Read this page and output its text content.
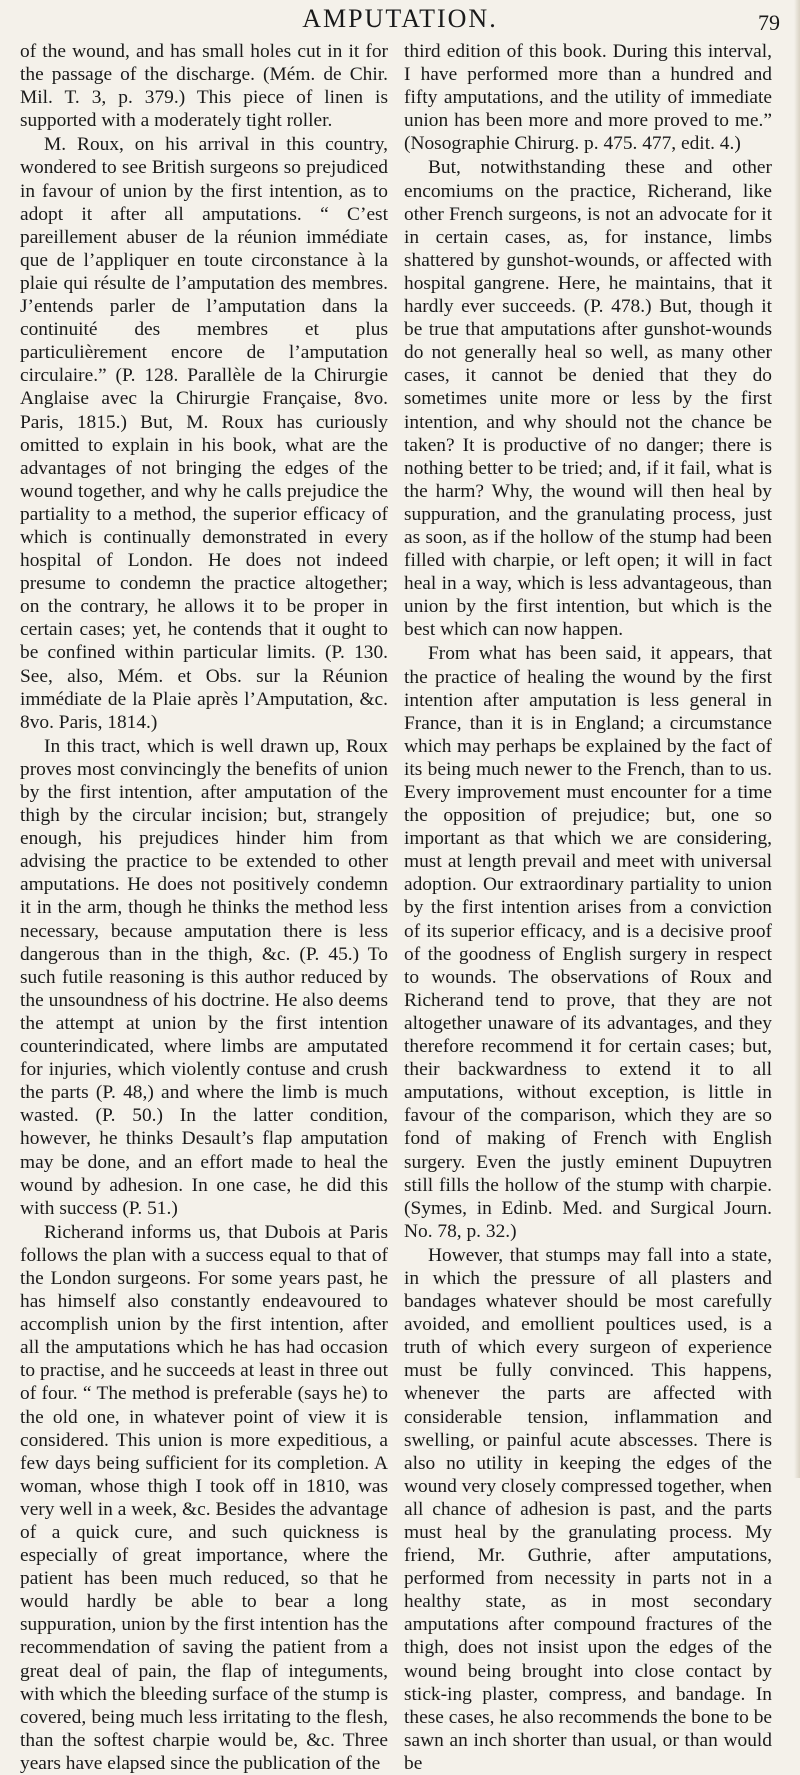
AMPUTATION.	79

of the wound, and has small holes cut in it for the passage of the discharge. (Mém. de Chir. Mil. T. 3, p. 379.) This piece of linen is supported with a moderately tight roller.

M. Roux, on his arrival in this country, wondered to see British surgeons so prejudiced in favour of union by the first intention, as to adopt it after all amputations. “ C’est pareillement abuser de la réunion immédiate que de l’appliquer en toute circonstance à la plaie qui résulte de l’amputation des membres. J’entends parler de l’amputation dans la continuité des membres et plus particulièrement encore de l’amputation circulaire.” (P. 128. Parallèle de la Chirurgie Anglaise avec la Chirurgie Française, 8vo. Paris, 1815.) But, M. Roux has curiously omitted to explain in his book, what are the advantages of not bringing the edges of the wound together, and why he calls prejudice the partiality to a method, the superior efficacy of which is continually demonstrated in every hospital of London. He does not indeed presume to condemn the practice altogether; on the contrary, he allows it to be proper in certain cases; yet, he contends that it ought to be confined within particular limits. (P. 130. See, also, Mém. et Obs. sur la Réunion immédiate de la Plaie après l’Amputation, &c. 8vo. Paris, 1814.)

In this tract, which is well drawn up, Roux proves most convincingly the benefits of union by the first intention, after amputation of the thigh by the circular incision; but, strangely enough, his prejudices hinder him from advising the practice to be extended to other amputations. He does not positively condemn it in the arm, though he thinks the method less necessary, because amputation there is less dangerous than in the thigh, &c. (P. 45.) To such futile reasoning is this author reduced by the unsoundness of his doctrine. He also deems the attempt at union by the first intention counterindicated, where limbs are amputated for injuries, which violently contuse and crush the parts (P. 48,) and where the limb is much wasted. (P. 50.) In the latter condition, however, he thinks Desault’s flap amputation may be done, and an effort made to heal the wound by adhesion. In one case, he did this with success (P. 51.)

Richerand informs us, that Dubois at Paris follows the plan with a success equal to that of the London surgeons. For some years past, he has himself also constantly endeavoured to accomplish union by the first intention, after all the amputations which he has had occasion to practise, and he succeeds at least in three out of four. “ The method is preferable (says he) to the old one, in whatever point of view it is considered. This union is more expeditious, a few days being sufficient for its completion. A woman, whose thigh I took off in 1810, was very well in a week, &c. Besides the advantage of a quick cure, and such quickness is especially of great importance, where the patient has been much reduced, so that he would hardly be able to bear a long suppuration, union by the first intention has the recommendation of saving the patient from a great deal of pain, the flap of integuments, with which the bleeding surface of the stump is covered, being much less irritating to the flesh, than the softest charpie would be, &c. Three years have elapsed since the publication of the

third edition of this book. During this interval, I have performed more than a hundred and fifty amputations, and the utility of immediate union has been more and more proved to me.” (Nosographie Chirurg. p. 475. 477, edit. 4.)

But, notwithstanding these and other encomiums on the practice, Richerand, like other French surgeons, is not an advocate for it in certain cases, as, for instance, limbs shattered by gunshot-wounds, or affected with hospital gangrene. Here, he maintains, that it hardly ever succeeds. (P. 478.) But, though it be true that amputations after gunshot-wounds do not generally heal so well, as many other cases, it cannot be denied that they do sometimes unite more or less by the first intention, and why should not the chance be taken? It is productive of no danger; there is nothing better to be tried; and, if it fail, what is the harm? Why, the wound will then heal by suppuration, and the granulating process, just as soon, as if the hollow of the stump had been filled with charpie, or left open; it will in fact heal in a way, which is less advantageous, than union by the first intention, but which is the best which can now happen.

From what has been said, it appears, that the practice of healing the wound by the first intention after amputation is less general in France, than it is in England; a circumstance which may perhaps be explained by the fact of its being much newer to the French, than to us. Every improvement must encounter for a time the opposition of prejudice; but, one so important as that which we are considering, must at length prevail and meet with universal adoption. Our extraordinary partiality to union by the first intention arises from a conviction of its superior efficacy, and is a decisive proof of the goodness of English surgery in respect to wounds. The observations of Roux and Richerand tend to prove, that they are not altogether unaware of its advantages, and they therefore recommend it for certain cases; but, their backwardness to extend it to all amputations, without exception, is little in favour of the comparison, which they are so fond of making of French with English surgery. Even the justly eminent Dupuytren still fills the hollow of the stump with charpie. (Symes, in Edinb. Med. and Surgical Journ. No. 78, p. 32.)

However, that stumps may fall into a state, in which the pressure of all plasters and bandages whatever should be most carefully avoided, and emollient poultices used, is a truth of which every surgeon of experience must be fully convinced. This happens, whenever the parts are affected with considerable tension, inflammation and swelling, or painful acute abscesses. There is also no utility in keeping the edges of the wound very closely compressed together, when all chance of adhesion is past, and the parts must heal by the granulating process. My friend, Mr. Guthrie, after amputations, performed from necessity in parts not in a healthy state, as in most secondary amputations after compound fractures of the thigh, does not insist upon the edges of the wound being brought into close contact by stick-ing plaster, compress, and bandage. In these cases, he also recommends the bone to be sawn an inch shorter than usual, or than would be
